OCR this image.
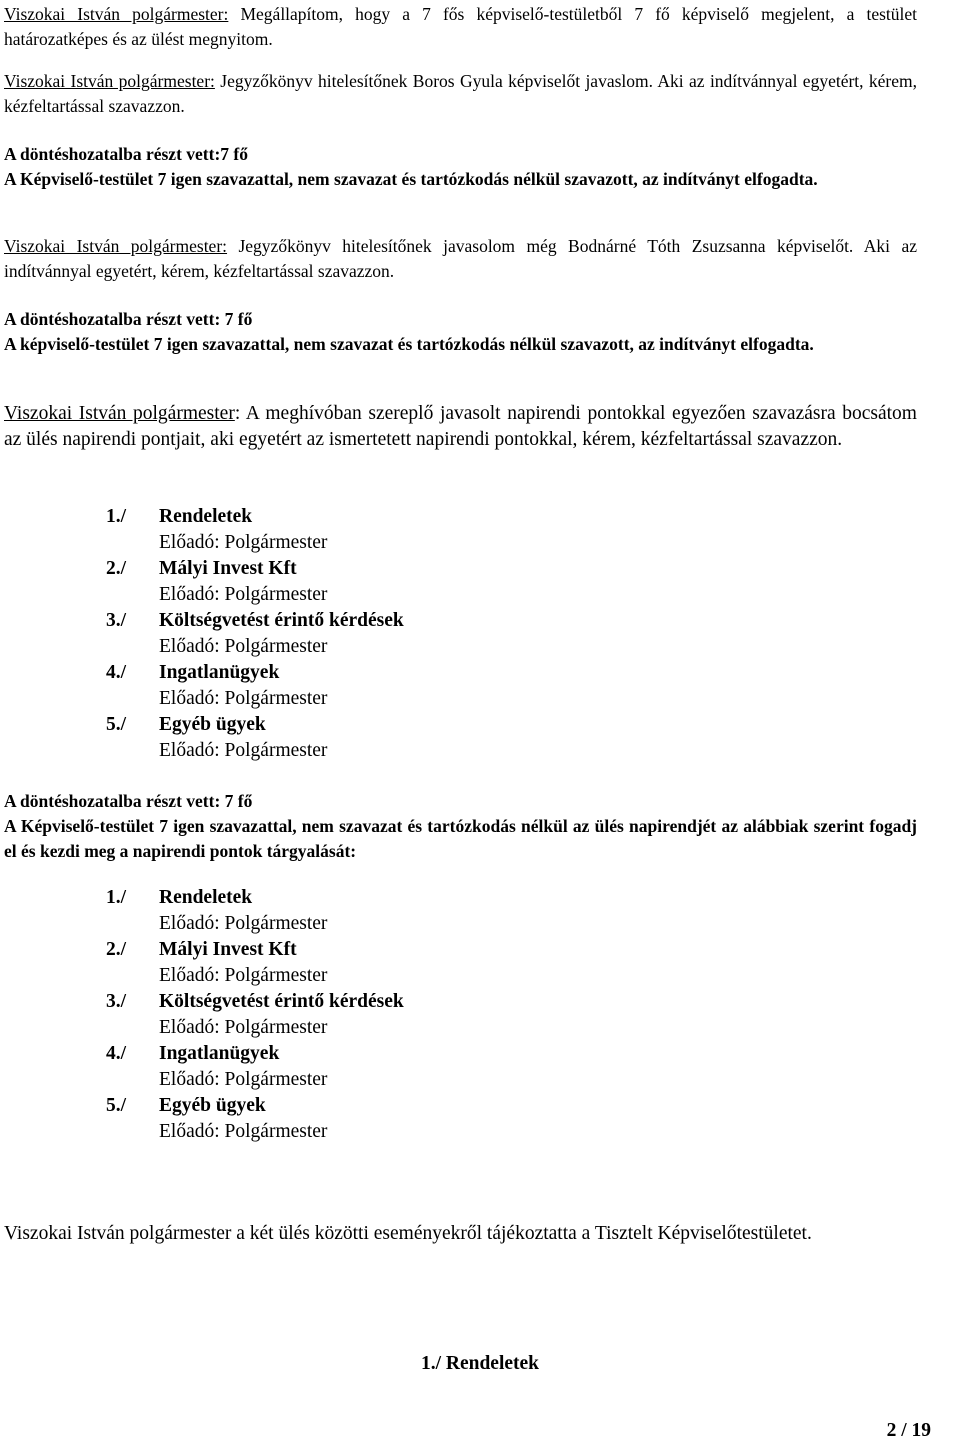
Viszokai István polgármester: Megállapítom, hogy a 7 fős képviselő-testületből 7 fő képviselő megjelent, a testület határozatképes és az ülést megnyitom.

Viszokai István polgármester: Jegyzőkönyv hitelesítőnek Boros Gyula képviselőt javaslom. Aki az indítvánnyal egyetért, kérem, kézfeltartással szavazzon.

A döntéshozatalba részt vett:7 fő
A Képviselő-testület 7 igen szavazattal, nem szavazat és tartózkodás nélkül szavazott, az indítványt elfogadta.

Viszokai István polgármester: Jegyzőkönyv hitelesítőnek javasolom még Bodnárné Tóth Zsuzsanna képviselőt. Aki az indítvánnyal egyetért, kérem, kézfeltartással szavazzon.

A döntéshozatalba részt vett: 7 fő
A képviselő-testület 7 igen szavazattal, nem szavazat és tartózkodás nélkül szavazott, az indítványt elfogadta.

Viszokai István polgármester: A meghívóban szereplő javasolt napirendi pontokkal egyezően szavazásra bocsátom az ülés napirendi pontjait, aki egyetért az ismertetett napirendi pontokkal, kérem, kézfeltartással szavazzon.

1./ Rendeletek
Előadó: Polgármester
2./ Mályi Invest Kft
Előadó: Polgármester
3./ Költségvetést érintő kérdések
Előadó: Polgármester
4./ Ingatlanügyek
Előadó: Polgármester
5./ Egyéb ügyek
Előadó: Polgármester
A döntéshozatalba részt vett: 7 fő
A Képviselő-testület 7 igen szavazattal, nem szavazat és tartózkodás nélkül az ülés napirendjét az alábbiak szerint fogadj el és kezdi meg a napirendi pontok tárgyalását:
1./ Rendeletek
Előadó: Polgármester
2./ Mályi Invest Kft
Előadó: Polgármester
3./ Költségvetést érintő kérdések
Előadó: Polgármester
4./ Ingatlanügyek
Előadó: Polgármester
5./ Egyéb ügyek
Előadó: Polgármester

Viszokai István polgármester a két ülés közötti eseményekről tájékoztatta a Tisztelt Képviselőtestületet.

1./ Rendeletek
2 / 19
